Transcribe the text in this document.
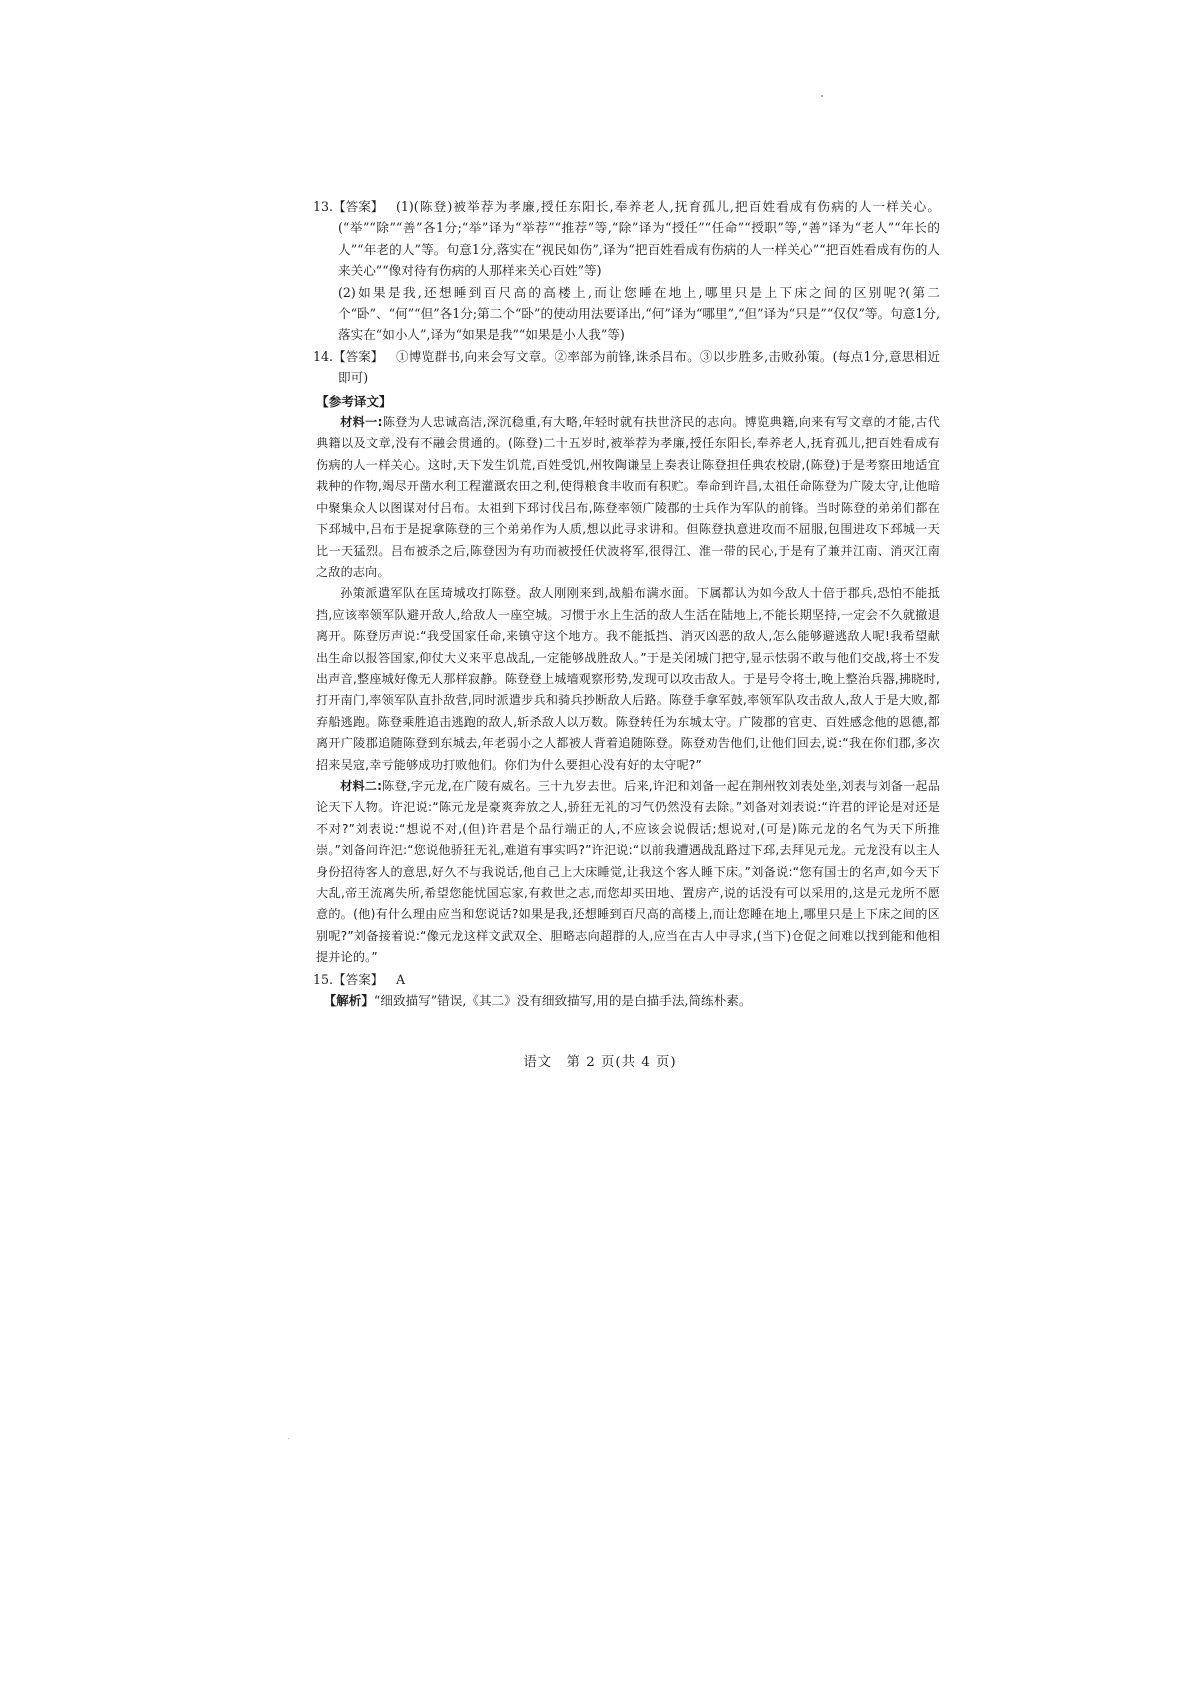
13.【答案】 (1)(陈登)被举荐为孝廉,授任东阳长,奉养老人,抚育孤儿,把百姓看成有伤病的人一样关心。(“举”“除”“善”各1分;“举”译为“举荐”“推荐”等,“除”译为“授任”“任命”“授职”等,“善”译为“老人”“年长的人”“年老的人”等。句意1分,落实在“视民如伤”,译为“把百姓看成有伤病的人一样关心”“把百姓看成有伤的人来关心”“像对待有伤病的人那样来关心百姓”等)

(2)如果是我,还想睡到百尺高的高楼上,而让您睡在地上,哪里只是上下床之间的区别呢?(第二个“卧”、“何”“但”各1分;第二个“卧”的使动用法要译出,“何”译为“哪里”,“但”译为“只是”“仅仅”等。句意1分,落实在“如小人”,译为“如果是我”“如果是小人我”等)

14.【答案】 ①博览群书,向来会写文章。②率部为前锋,诛杀吕布。③以步胜多,击败孙策。(每点1分,意思相近即可)

【参考译文】

材料一:陈登为人忠诚高洁,深沉稳重,有大略,年轻时就有扶世济民的志向。博览典籍,向来有写文章的才能,古代典籍以及文章,没有不融会贯通的。(陈登)二十五岁时,被举荐为孝廉,授任东阳长,奉养老人,抚育孤儿,把百姓看成有伤病的人一样关心。这时,天下发生饥荒,百姓受饥,州牧陶谦呈上奏表让陈登担任典农校尉,(陈登)于是考察田地适宜栽种的作物,竭尽开凿水利工程灌溉农田之利,使得粮食丰收而有积贮。奉命到许昌,太祖任命陈登为广陵太守,让他暗中聚集众人以图谋对付吕布。太祖到下邳讨伐吕布,陈登率领广陵郡的士兵作为军队的前锋。当时陈登的弟弟们都在下邳城中,吕布于是捉拿陈登的三个弟弟作为人质,想以此寻求讲和。但陈登执意进攻而不屈服,包围进攻下邳城一天比一天猛烈。吕布被杀之后,陈登因为有功而被授任伏波将军,很得江、淮一带的民心,于是有了兼并江南、消灭江南之敌的志向。

孙策派遣军队在匡琦城攻打陈登。敌人刚刚来到,战船布满水面。下属都认为如今敌人十倍于郡兵,恐怕不能抵挡,应该率领军队避开敌人,给敌人一座空城。习惯于水上生活的敌人生活在陆地上,不能长期坚持,一定会不久就撤退离开。陈登厉声说:“我受国家任命,来镇守这个地方。我不能抵挡、消灭凶恶的敌人,怎么能够避逃敌人呢!我希望献出生命以报答国家,仰仗大义来平息战乱,一定能够战胜敌人。”于是关闭城门把守,显示怯弱不敢与他们交战,将士不发出声音,整座城好像无人那样寂静。陈登登上城墙观察形势,发现可以攻击敌人。于是号令将士,晚上整治兵器,拂晓时,打开南门,率领军队直扑敌营,同时派遣步兵和骑兵抄断敌人后路。陈登手拿军鼓,率领军队攻击敌人,敌人于是大败,都弃船逃跑。陈登乘胜追击逃跑的敌人,斩杀敌人以万数。陈登转任为东城太守。广陵郡的官吏、百姓感念他的恩德,都离开广陵郡追随陈登到东城去,年老弱小之人都被人背着追随陈登。陈登劝告他们,让他们回去,说:“我在你们郡,多次招来吴寇,幸亏能够成功打败他们。你们为什么要担心没有好的太守呢?”

材料二:陈登,字元龙,在广陵有威名。三十九岁去世。后来,许汜和刘备一起在荆州牧刘表处坐,刘表与刘备一起品论天下人物。许汜说:“陈元龙是豪爽奔放之人,骄狂无礼的习气仍然没有去除。”刘备对刘表说:“许君的评论是对还是不对?”刘表说:“想说不对,(但)许君是个品行端正的人,不应该会说假话;想说对,(可是)陈元龙的名气为天下所推崇。”刘备问许汜:“您说他骄狂无礼,难道有事实吗?”许汜说:“以前我遭遇战乱路过下邳,去拜见元龙。元龙没有以主人身份招待客人的意思,好久不与我说话,他自己上大床睡觉,让我这个客人睡下床。”刘备说:“您有国士的名声,如今天下大乱,帝王流离失所,希望您能忧国忘家,有救世之志,而您却买田地、置房产,说的话没有可以采用的,这是元龙所不愿意的。(他)有什么理由应当和您说话?如果是我,还想睡到百尺高的高楼上,而让您睡在地上,哪里只是上下床之间的区别呢?”刘备接着说:“像元龙这样文武双全、胆略志向超群的人,应当在古人中寻求,(当下)仓促之间难以找到能和他相提并论的。”

15.【答案】 A

【解析】“细致描写”错误,《其二》没有细致描写,用的是白描手法,简练朴素。

语文　第 2 页(共 4 页)
